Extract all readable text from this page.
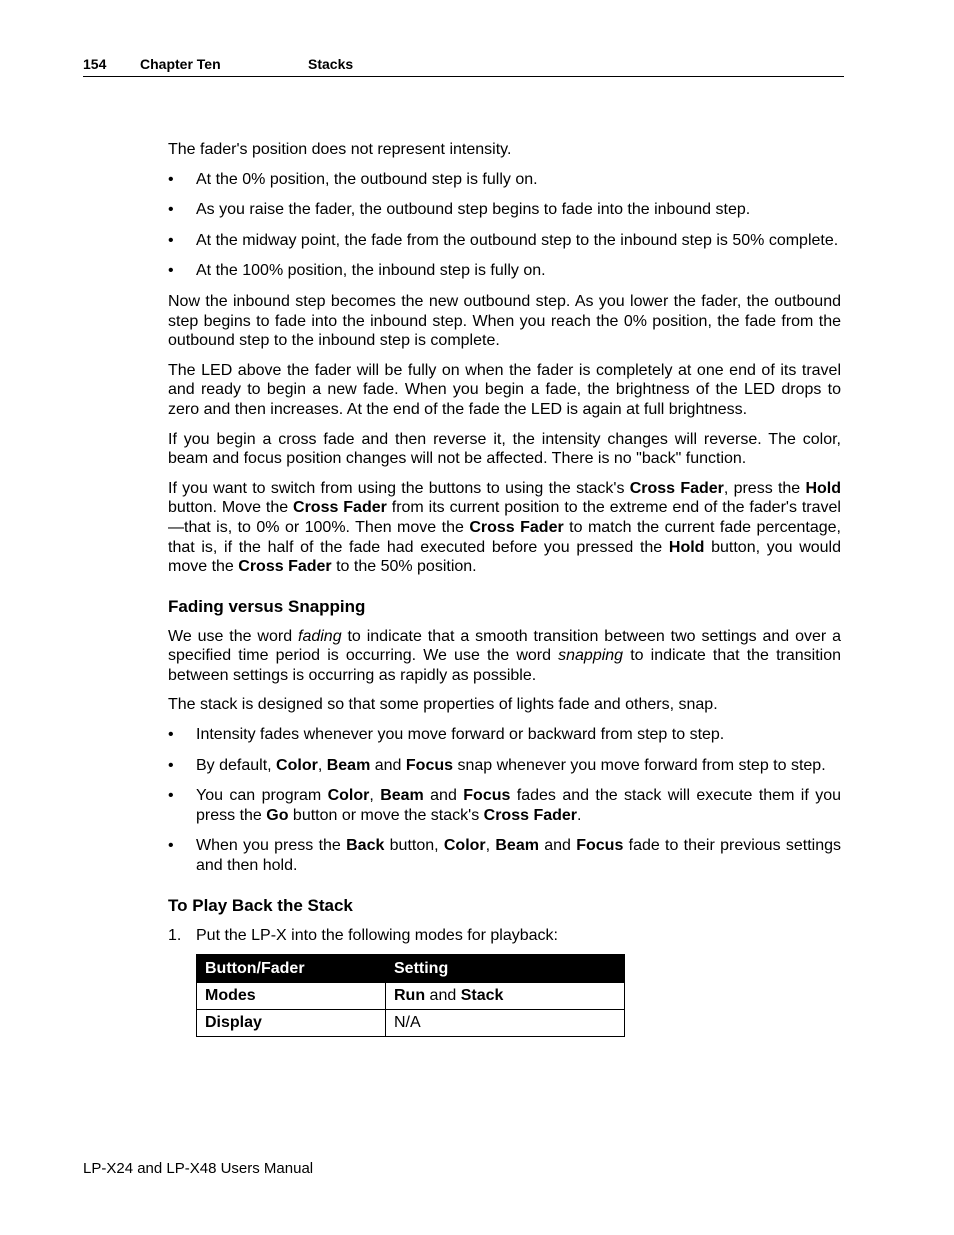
154 Chapter Ten	Stacks

The fader's position does not represent intensity.

• At the 0% position, the outbound step is fully on.
• As you raise the fader, the outbound step begins to fade into the inbound step.
• At the midway point, the fade from the outbound step to the inbound step is 50% complete.
• At the 100% position, the inbound step is fully on.

Now the inbound step becomes the new outbound step. As you lower the fader, the outbound step begins to fade into the inbound step. When you reach the 0% position, the fade from the outbound step to the inbound step is complete.

The LED above the fader will be fully on when the fader is completely at one end of its travel and ready to begin a new fade. When you begin a fade, the brightness of the LED drops to zero and then increases. At the end of the fade the LED is again at full brightness.

If you begin a cross fade and then reverse it, the intensity changes will reverse. The color, beam and focus position changes will not be affected. There is no "back" function.

If you want to switch from using the buttons to using the stack's Cross Fader, press the Hold button. Move the Cross Fader from its current position to the extreme end of the fader's travel—that is, to 0% or 100%. Then move the Cross Fader to match the current fade percentage, that is, if the half of the fade had executed before you pressed the Hold button, you would move the Cross Fader to the 50% position.

Fading versus Snapping

We use the word fading to indicate that a smooth transition between two settings and over a specified time period is occurring. We use the word snapping to indicate that the transition between settings is occurring as rapidly as possible.

The stack is designed so that some properties of lights fade and others, snap.

• Intensity fades whenever you move forward or backward from step to step.
• By default, Color, Beam and Focus snap whenever you move forward from step to step.
• You can program Color, Beam and Focus fades and the stack will execute them if you press the Go button or move the stack's Cross Fader.
• When you press the Back button, Color, Beam and Focus fade to their previous settings and then hold.
To Play Back the Stack
1. Put the LP-X into the following modes for playback:
Button/Fader	Setting
Modes	Run and Stack
Display	N/A
LP-X24 and LP-X48 Users Manual
